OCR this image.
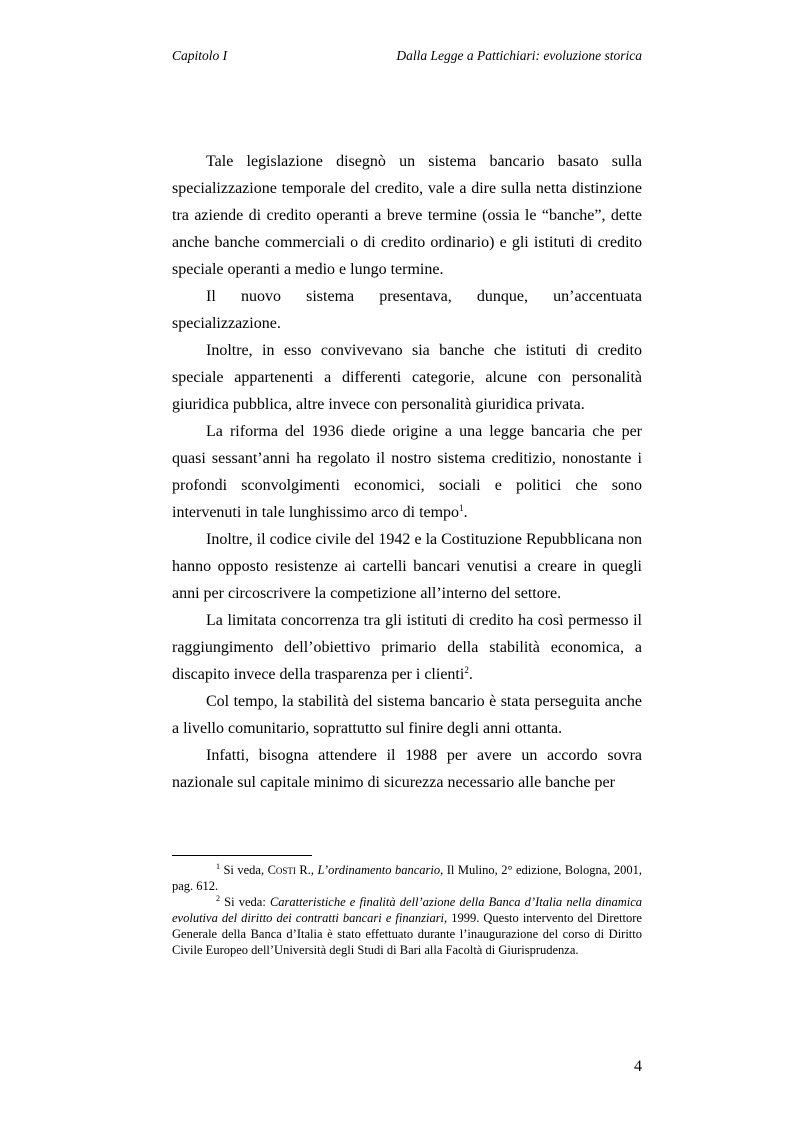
Capitolo I	Dalla Legge a Pattichiari: evoluzione storica

Tale legislazione disegnò un sistema bancario basato sulla specializzazione temporale del credito, vale a dire sulla netta distinzione tra aziende di credito operanti a breve termine (ossia le “banche”, dette anche banche commerciali o di credito ordinario) e gli istituti di credito speciale operanti a medio e lungo termine.

Il nuovo sistema presentava, dunque, un’accentuata specializzazione.

Inoltre, in esso convivevano sia banche che istituti di credito speciale appartenenti a differenti categorie, alcune con personalità giuridica pubblica, altre invece con personalità giuridica privata.

La riforma del 1936 diede origine a una legge bancaria che per quasi sessant’anni ha regolato il nostro sistema creditizio, nonostante i profondi sconvolgimenti economici, sociali e politici che sono intervenuti in tale lunghissimo arco di tempo$^1$.

Inoltre, il codice civile del 1942 e la Costituzione Repubblicana non hanno opposto resistenze ai cartelli bancari venutisi a creare in quegli anni per circoscrivere la competizione all’interno del settore.

La limitata concorrenza tra gli istituti di credito ha così permesso il raggiungimento dell’obiettivo primario della stabilità economica, a discapito invece della trasparenza per i clienti$^2$.

Col tempo, la stabilità del sistema bancario è stata perseguita anche a livello comunitario, soprattutto sul finire degli anni ottanta.

Infatti, bisogna attendere il 1988 per avere un accordo sovra nazionale sul capitale minimo di sicurezza necessario alle banche per

$^1$ Si veda, Costi R., L’ordinamento bancario, Il Mulino, 2° edizione, Bologna, 2001, pag. 612.

$^2$ Si veda: Caratteristiche e finalità dell’azione della Banca d’Italia nella dinamica evolutiva del diritto dei contratti bancari e finanziari, 1999. Questo intervento del Direttore Generale della Banca d’Italia è stato effettuato durante l’inaugurazione del corso di Diritto Civile Europeo dell’Università degli Studi di Bari alla Facoltà di Giurisprudenza.

4
